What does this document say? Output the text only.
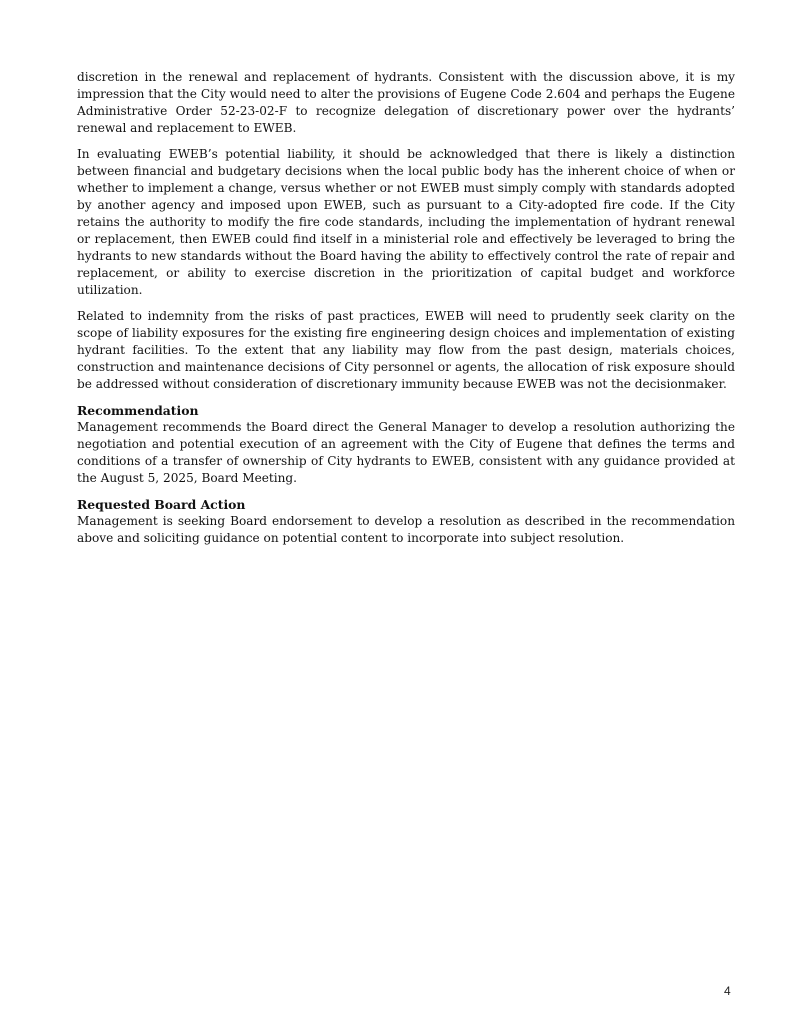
discretion in the renewal and replacement of hydrants. Consistent with the discussion above, it is my impression that the City would need to alter the provisions of Eugene Code 2.604 and perhaps the Eugene Administrative Order 52-23-02-F to recognize delegation of discretionary power over the hydrants’ renewal and replacement to EWEB.

In evaluating EWEB’s potential liability, it should be acknowledged that there is likely a distinction between financial and budgetary decisions when the local public body has the inherent choice of when or whether to implement a change, versus whether or not EWEB must simply comply with standards adopted by another agency and imposed upon EWEB, such as pursuant to a City-adopted fire code. If the City retains the authority to modify the fire code standards, including the implementation of hydrant renewal or replacement, then EWEB could find itself in a ministerial role and effectively be leveraged to bring the hydrants to new standards without the Board having the ability to effectively control the rate of repair and replacement, or ability to exercise discretion in the prioritization of capital budget and workforce utilization.

Related to indemnity from the risks of past practices, EWEB will need to prudently seek clarity on the scope of liability exposures for the existing fire engineering design choices and implementation of existing hydrant facilities. To the extent that any liability may flow from the past design, materials choices, construction and maintenance decisions of City personnel or agents, the allocation of risk exposure should be addressed without consideration of discretionary immunity because EWEB was not the decisionmaker.

Recommendation

Management recommends the Board direct the General Manager to develop a resolution authorizing the negotiation and potential execution of an agreement with the City of Eugene that defines the terms and conditions of a transfer of ownership of City hydrants to EWEB, consistent with any guidance provided at the August 5, 2025, Board Meeting.

Requested Board Action

Management is seeking Board endorsement to develop a resolution as described in the recommendation above and soliciting guidance on potential content to incorporate into subject resolution.

4
